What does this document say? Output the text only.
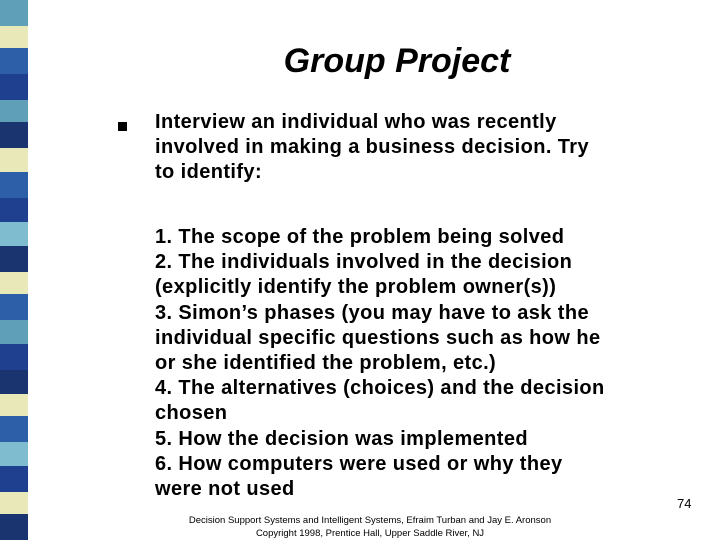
Group Project
Interview an individual who was recently
involved in making a business decision. Try
to identify:
1. The scope of the problem being solved
2. The individuals involved in the decision
(explicitly identify the problem owner(s))
3. Simon’s phases (you may have to ask the
individual specific questions such as how he
or she identified the problem, etc.)
4. The alternatives (choices) and the decision
chosen
5. How the decision was implemented
6. How computers were used or why they
were not used
74
Decision Support Systems and Intelligent Systems, Efraim Turban and Jay E. Aronson
Copyright 1998, Prentice Hall, Upper Saddle River, NJ
